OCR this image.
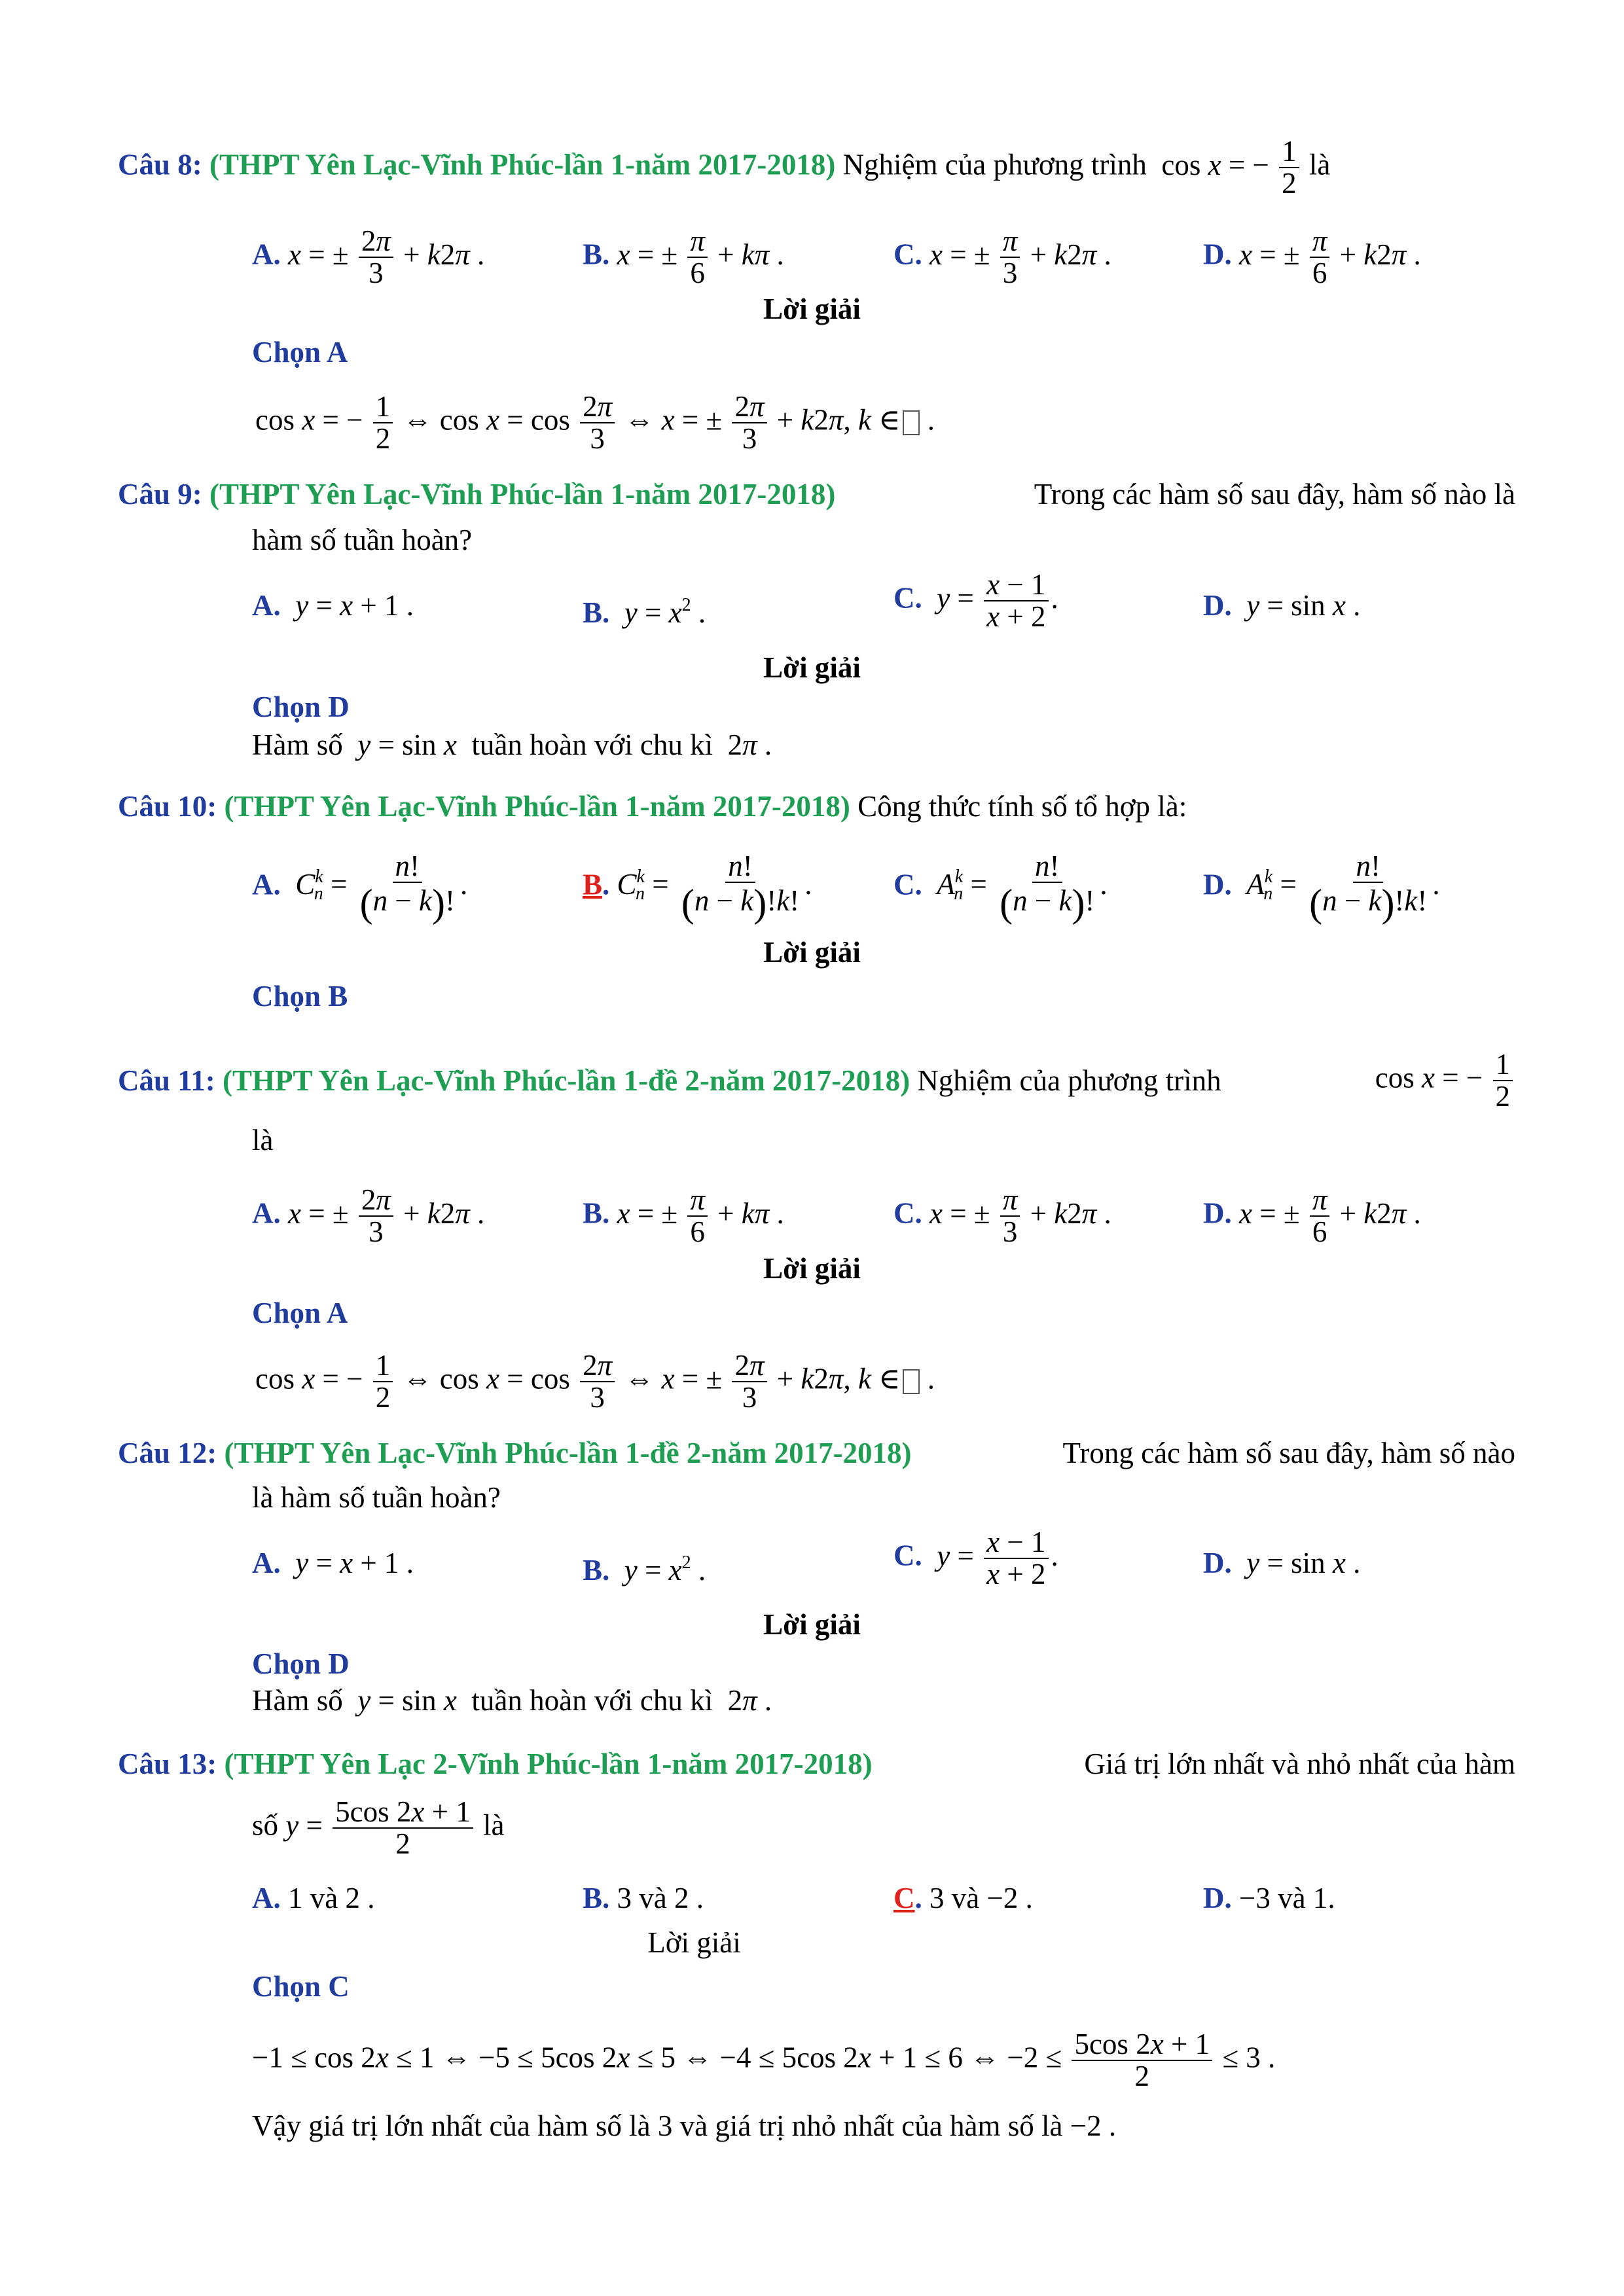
Câu 8: (THPT Yên Lạc-Vĩnh Phúc-lần 1-năm 2017-2018) Nghiệm của phương trình  cos x = − $\frac{1}{2}$ là
A. x = ± $\frac{2\pi}{3} + k2\pi$ .	B. x = ± $\frac{\pi}{6} + k\pi$ .	C. x = ± $\frac{\pi}{3} + k2\pi$ .	D. x = ± $\frac{\pi}{6} + k2\pi$ .
Lời giải
Chọn A
cos x = − $\frac{1}{2}$ ⇔ $\cos x = \cos \frac{2\pi}{3}$ ⇔ x = ± $\frac{2\pi}{3} + k2\pi$, k ∈ .
Câu 9: (THPT Yên Lạc-Vĩnh Phúc-lần 1-năm 2017-2018)	Trong các hàm số sau đây, hàm số nào là
hàm số tuần hoàn?
A. y = x + 1 .	B. $y = x^2$ .	C. $y = \frac{x - 1}{x + 2}$ .	D. y = sin x .
Lời giải
Chọn D
Hàm số y = sin x tuần hoàn với chu kì  2π .
Câu 10: (THPT Yên Lạc-Vĩnh Phúc-lần 1-năm 2017-2018) Công thức tính số tổ hợp là:
A. $C^k_n = \frac{n!}{(n - k)!}$ .	B. $C^k_n = \frac{n!}{(n - k)!k!}$ .	C. $A^k_n = \frac{n!}{(n - k)!}$ .	D. $A^k_n = \frac{n!}{(n - k)!k!}$ .
Lời giải
Chọn B
Câu 11: (THPT Yên Lạc-Vĩnh Phúc-lần 1-đề 2-năm 2017-2018) Nghiệm của phương trình	cos x = − $\frac{1}{2}$
là
A. x = ± $\frac{2\pi}{3} + k2\pi$ .	B. x = ± $\frac{\pi}{6} + k\pi$ .	C. x = ± $\frac{\pi}{3} + k2\pi$ .	D. x = ± $\frac{\pi}{6} + k2\pi$ .
Lời giải
Chọn A
cos x = − $\frac{1}{2}$ ⇔ $\cos x = \cos \frac{2\pi}{3}$ ⇔ x = ± $\frac{2\pi}{3} + k2\pi$, k ∈ .
Câu 12: (THPT Yên Lạc-Vĩnh Phúc-lần 1-đề 2-năm 2017-2018)	Trong các hàm số sau đây, hàm số nào
là hàm số tuần hoàn?
A. y = x + 1 .	B. $y = x^2$ .	C. $y = \frac{x - 1}{x + 2}$ .	D. y = sin x .
Lời giải
Chọn D
Hàm số y = sin x tuần hoàn với chu kì  2π .
Câu 13: (THPT Yên Lạc 2-Vĩnh Phúc-lần 1-năm 2017-2018)	Giá trị lớn nhất và nhỏ nhất của hàm
số $y = \frac{5\cos 2x + 1}{2}$ là
A. 1 và 2 .	B. 3 và 2 .	C. 3 và −2 .	D. −3 và 1.
Lời giải
Chọn C
−1 ≤ cos 2x ≤ 1 ⇔ −5 ≤ 5cos 2x ≤ 5 ⇔ −4 ≤ 5cos 2x + 1 ≤ 6 ⇔ $-2 \le \frac{5\cos 2x + 1}{2} \le 3$ .
Vậy giá trị lớn nhất của hàm số là 3 và giá trị nhỏ nhất của hàm số là −2 .
